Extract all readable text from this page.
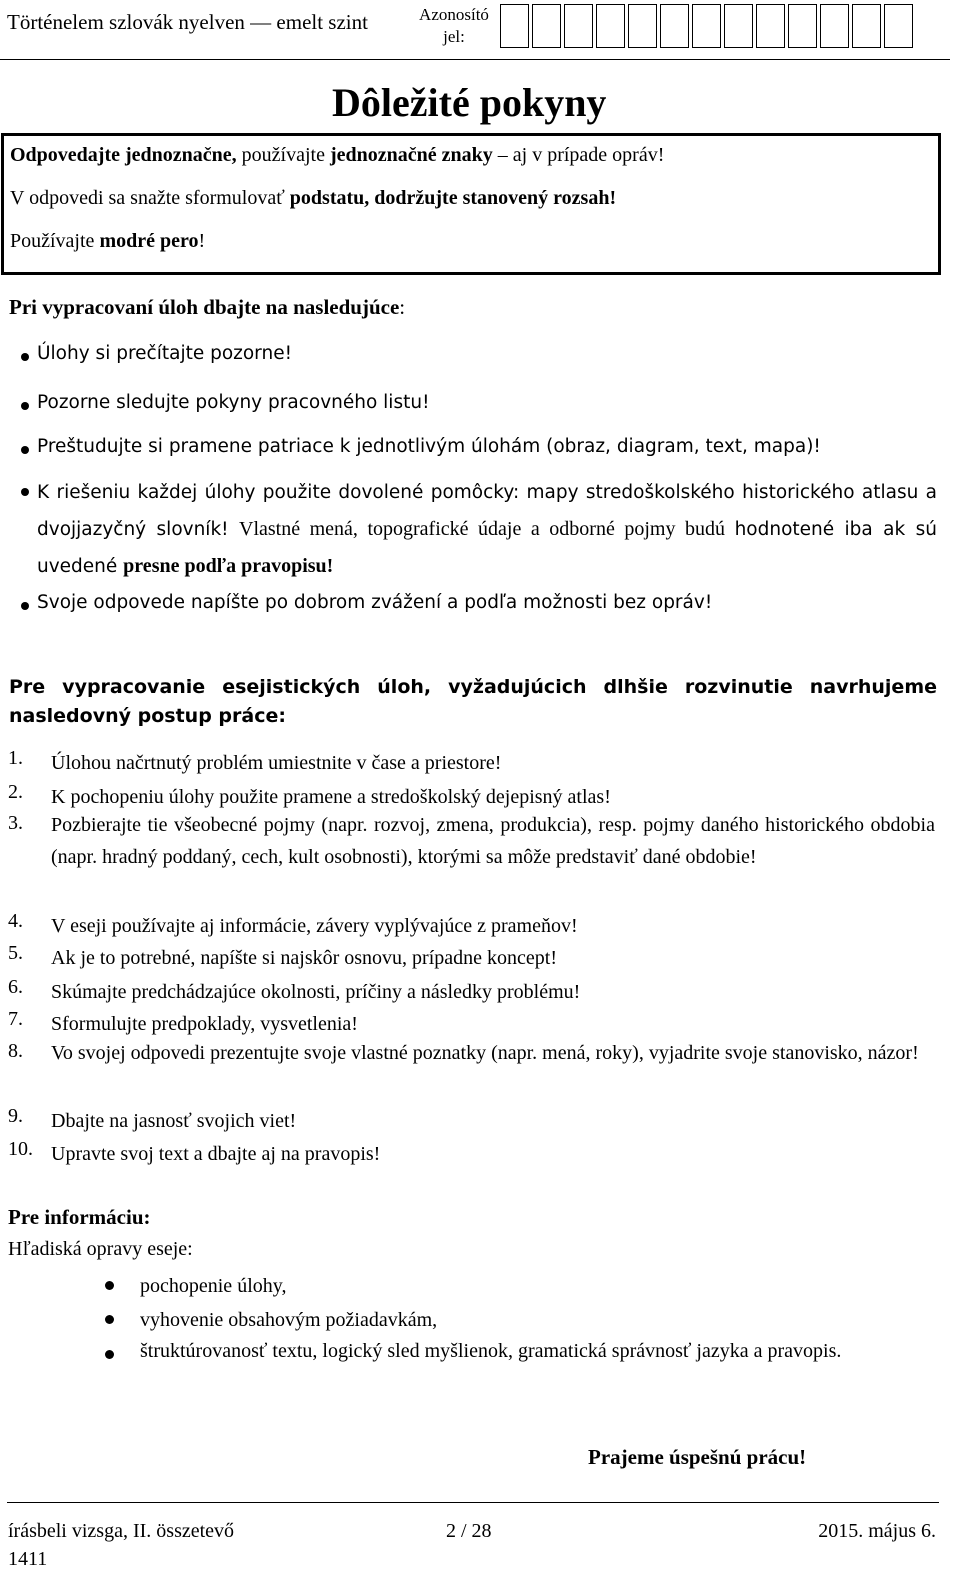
Történelem szlovák nyelven — emelt szint	Azonosító
jel:
Dôležité pokyny
Odpovedajte jednoznačne, používajte jednoznačné znaky – aj v prípade opráv!
V odpovedi sa snažte sformulovať podstatu, dodržujte stanovený rozsah!
Používajte modré pero!
Pri vypracovaní úloh dbajte na nasledujúce:
Úlohy si prečítajte pozorne!
Pozorne sledujte pokyny pracovného listu!
Preštudujte si pramene patriace k jednotlivým úlohám (obraz, diagram, text, mapa)!
K riešeniu každej úlohy použite dovolené pomôcky: mapy stredoškolského historického atlasu a dvojjazyčný slovník! Vlastné mená, topografické údaje a odborné pojmy budú hodnotené iba ak sú uvedené presne podľa pravopisu!
Svoje odpovede napíšte po dobrom zvážení a podľa možnosti bez opráv!
Pre vypracovanie esejistických úloh, vyžadujúcich dlhšie rozvinutie navrhujeme
nasledovný postup práce:
1. Úlohou načrtnutý problém umiestnite v čase a priestore!
2. K pochopeniu úlohy použite pramene a stredoškolský dejepisný atlas!
3. Pozbierajte tie všeobecné pojmy (napr. rozvoj, zmena, produkcia), resp. pojmy daného historického obdobia (napr. hradný poddaný, cech, kult osobnosti), ktorými sa môže predstaviť dané obdobie!
4. V eseji používajte aj informácie, závery vyplývajúce z prameňov!
5. Ak je to potrebné, napíšte si najskôr osnovu, prípadne koncept!
6. Skúmajte predchádzajúce okolnosti, príčiny a následky problému!
7. Sformulujte predpoklady, vysvetlenia!
8. Vo svojej odpovedi prezentujte svoje vlastné poznatky (napr. mená, roky), vyjadrite svoje stanovisko, názor!
9. Dbajte na jasnosť svojich viet!
10. Upravte svoj text a dbajte aj na pravopis!
Pre informáciu:
Hľadiská opravy eseje:
pochopenie úlohy,
vyhovenie obsahovým požiadavkám,
štruktúrovanosť textu, logický sled myšlienok, gramatická správnosť jazyka a pravopis.
Prajeme úspešnú prácu!
írásbeli vizsga, II. összetevő
1411
2 / 28	2015. május 6.
